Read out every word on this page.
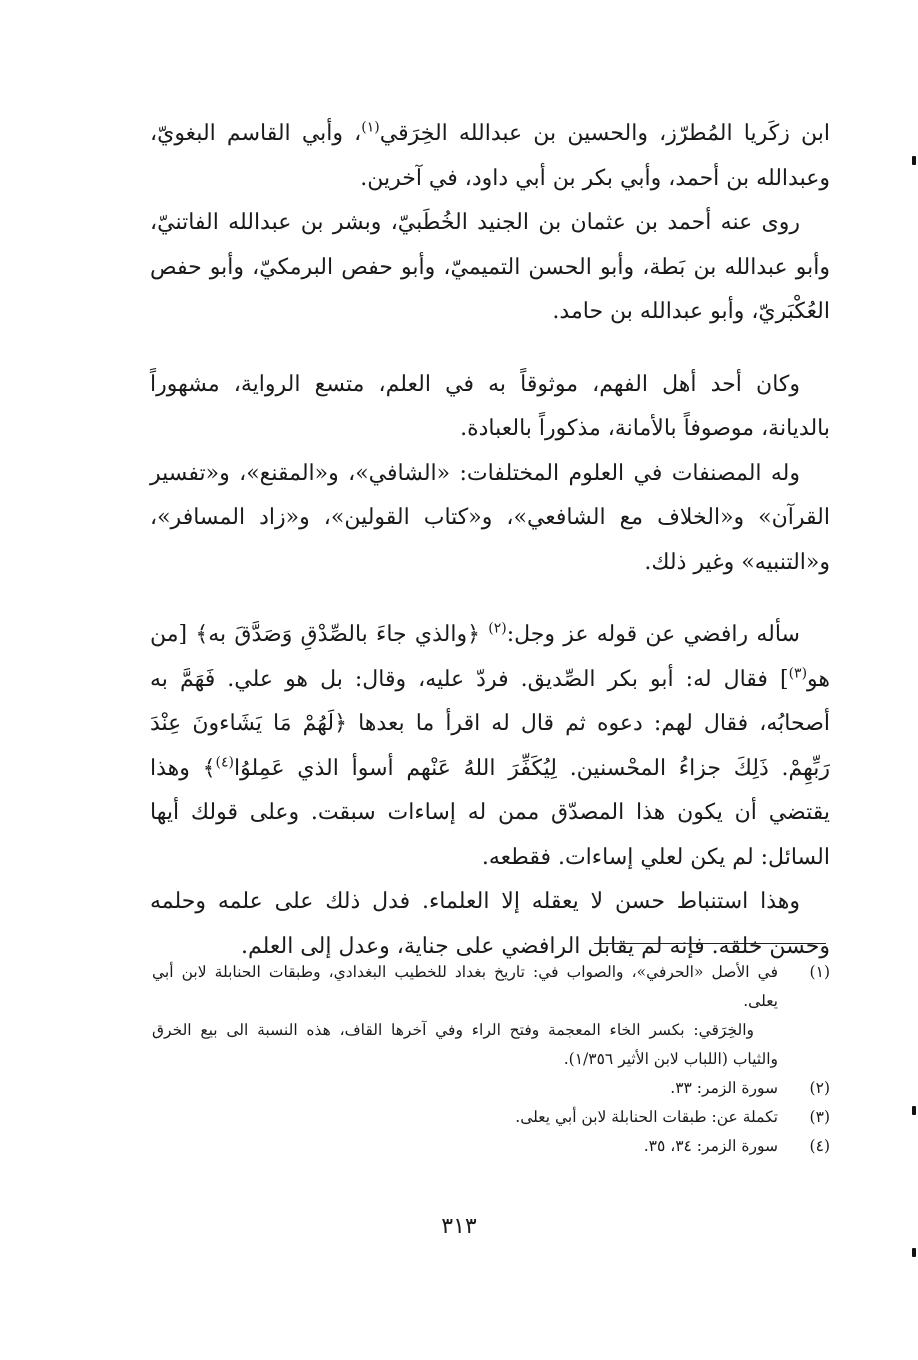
ابن زكَريا المُطرّز، والحسين بن عبدالله الخِرَقي$^{(١)}$، وأبي القاسم البغويّ، وعبدالله بن أحمد، وأبي بكر بن أبي داود، في آخرين.

روى عنه أحمد بن عثمان بن الجنيد الخُطَبيّ، وبشر بن عبدالله الفاتنيّ، وأبو عبدالله بن بَطة، وأبو الحسن التميميّ، وأبو حفص البرمكيّ، وأبو حفص العُكْبَريّ، وأبو عبدالله بن حامد.

وكان أحد أهل الفهم، موثوقاً به في العلم، متسع الرواية، مشهوراً بالديانة، موصوفاً بالأمانة، مذكوراً بالعبادة.

وله المصنفات في العلوم المختلفات: «الشافي»، و«المقنع»، و«تفسير القرآن» و«الخلاف مع الشافعي»، و«كتاب القولين»، و«زاد المسافر»، و«التنبيه» وغير ذلك.

سأله رافضي عن قوله عز وجل:$^{(٢)}$ ﴿والذي جاءَ بالصِّدْقِ وَصَدَّقَ به﴾ [من هو$^{(٣)}$] فقال له: أبو بكر الصِّديق. فردّ عليه، وقال: بل هو علي. فَهَمَّ به أصحابُه، فقال لهم: دعوه ثم قال له اقرأ ما بعدها ﴿لَهُمْ مَا يَشَاءونَ عِنْدَ رَبِّهِمْ. ذَلِكَ جزاءُ المحْسنين. لِيُكَفِّرَ اللهُ عَنْهم أسوأ الذي عَمِلوُا$^{(٤)}$﴾ وهذا يقتضي أن يكون هذا المصدّق ممن له إساءات سبقت. وعلى قولك أيها السائل: لم يكن لعلي إساءات. فقطعه.

وهذا استنباط حسن لا يعقله إلا العلماء. فدل ذلك على علمه وحلمه وحسن خلقه. فإنه لم يقابل الرافضي على جناية، وعدل إلى العلم.

(١)
في الأصل «الحرفي»، والصواب في: تاريخ بغداد للخطيب البغدادي، وطبقات الحنابلة لابن أبي يعلى.
والخِرَقي: بكسر الخاء المعجمة وفتح الراء وفي آخرها القاف، هذه النسبة الى بيع الخرق والثياب (اللباب لابن الأثير ١/٣٥٦).
(٢)
سورة الزمر: ٣٣.
(٣)
تكملة عن: طبقات الحنابلة لابن أبي يعلى.
(٤)
سورة الزمر: ٣٤، ٣٥.
٣١٣
